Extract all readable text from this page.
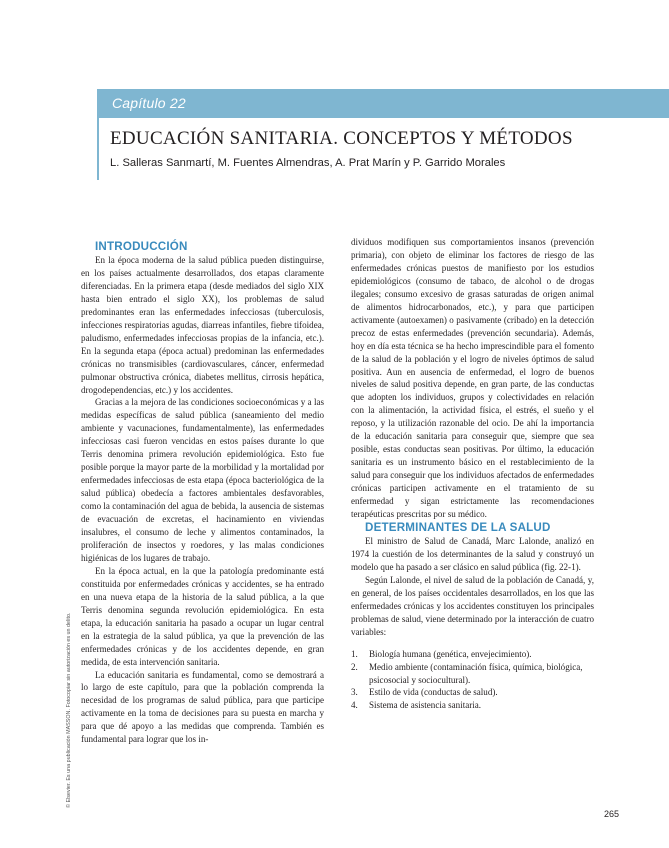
Capítulo 22
EDUCACIÓN SANITARIA. CONCEPTOS Y MÉTODOS
L. Salleras Sanmartí, M. Fuentes Almendras, A. Prat Marín y P. Garrido Morales

INTRODUCCIÓN

En la época moderna de la salud pública pueden distinguirse, en los países actualmente desarrollados, dos etapas claramente diferenciadas. En la primera etapa (desde mediados del siglo XIX hasta bien entrado el siglo XX), los problemas de salud predominantes eran las enfermedades infecciosas (tuberculosis, infecciones respiratorias agudas, diarreas infantiles, fiebre tifoidea, paludismo, enfermedades infecciosas propias de la infancia, etc.). En la segunda etapa (época actual) predominan las enfermedades crónicas no transmisibles (cardiovasculares, cáncer, enfermedad pulmonar obstructiva crónica, diabetes mellitus, cirrosis hepática, drogodependencias, etc.) y los accidentes.

Gracias a la mejora de las condiciones socioeconómicas y a las medidas específicas de salud pública (saneamiento del medio ambiente y vacunaciones, fundamentalmente), las enfermedades infecciosas casi fueron vencidas en estos países durante lo que Terris denomina primera revolución epidemiológica. Esto fue posible porque la mayor parte de la morbilidad y la mortalidad por enfermedades infecciosas de esta etapa (época bacteriológica de la salud pública) obedecía a factores ambientales desfavorables, como la contaminación del agua de bebida, la ausencia de sistemas de evacuación de excretas, el hacinamiento en viviendas insalubres, el consumo de leche y alimentos contaminados, la proliferación de insectos y roedores, y las malas condiciones higiénicas de los lugares de trabajo.

En la época actual, en la que la patología predominante está constituida por enfermedades crónicas y accidentes, se ha entrado en una nueva etapa de la historia de la salud pública, a la que Terris denomina segunda revolución epidemiológica. En esta etapa, la educación sanitaria ha pasado a ocupar un lugar central en la estrategia de la salud pública, ya que la prevención de las enfermedades crónicas y de los accidentes depende, en gran medida, de esta intervención sanitaria.

La educación sanitaria es fundamental, como se demostrará a lo largo de este capítulo, para que la población comprenda la necesidad de los programas de salud pública, para que participe activamente en la toma de decisiones para su puesta en marcha y para que dé apoyo a las medidas que comprenda. También es fundamental para lograr que los in-

dividuos modifiquen sus comportamientos insanos (prevención primaria), con objeto de eliminar los factores de riesgo de las enfermedades crónicas puestos de manifiesto por los estudios epidemiológicos (consumo de tabaco, de alcohol o de drogas ilegales; consumo excesivo de grasas saturadas de origen animal de alimentos hidrocarbonados, etc.), y para que participen activamente (autoexamen) o pasivamente (cribado) en la detección precoz de estas enfermedades (prevención secundaria). Además, hoy en día esta técnica se ha hecho imprescindible para el fomento de la salud de la población y el logro de niveles óptimos de salud positiva. Aun en ausencia de enfermedad, el logro de buenos niveles de salud positiva depende, en gran parte, de las conductas que adopten los individuos, grupos y colectividades en relación con la alimentación, la actividad física, el estrés, el sueño y el reposo, y la utilización razonable del ocio. De ahí la importancia de la educación sanitaria para conseguir que, siempre que sea posible, estas conductas sean positivas. Por último, la educación sanitaria es un instrumento básico en el restablecimiento de la salud para conseguir que los individuos afectados de enfermedades crónicas participen activamente en el tratamiento de su enfermedad y sigan estrictamente las recomendaciones terapéuticas prescritas por su médico.

DETERMINANTES DE LA SALUD

El ministro de Salud de Canadá, Marc Lalonde, analizó en 1974 la cuestión de los determinantes de la salud y construyó un modelo que ha pasado a ser clásico en salud pública (fig. 22-1).

Según Lalonde, el nivel de salud de la población de Canadá, y, en general, de los países occidentales desarrollados, en los que las enfermedades crónicas y los accidentes constituyen los principales problemas de salud, viene determinado por la interacción de cuatro variables:

1. Biología humana (genética, envejecimiento).
2. Medio ambiente (contaminación física, química, biológica, psicosocial y sociocultural).
3. Estilo de vida (conductas de salud).
4. Sistema de asistencia sanitaria.
265
© Elsevier. Es una publicación MASSON. Fotocopiar sin autorización es un delito.
